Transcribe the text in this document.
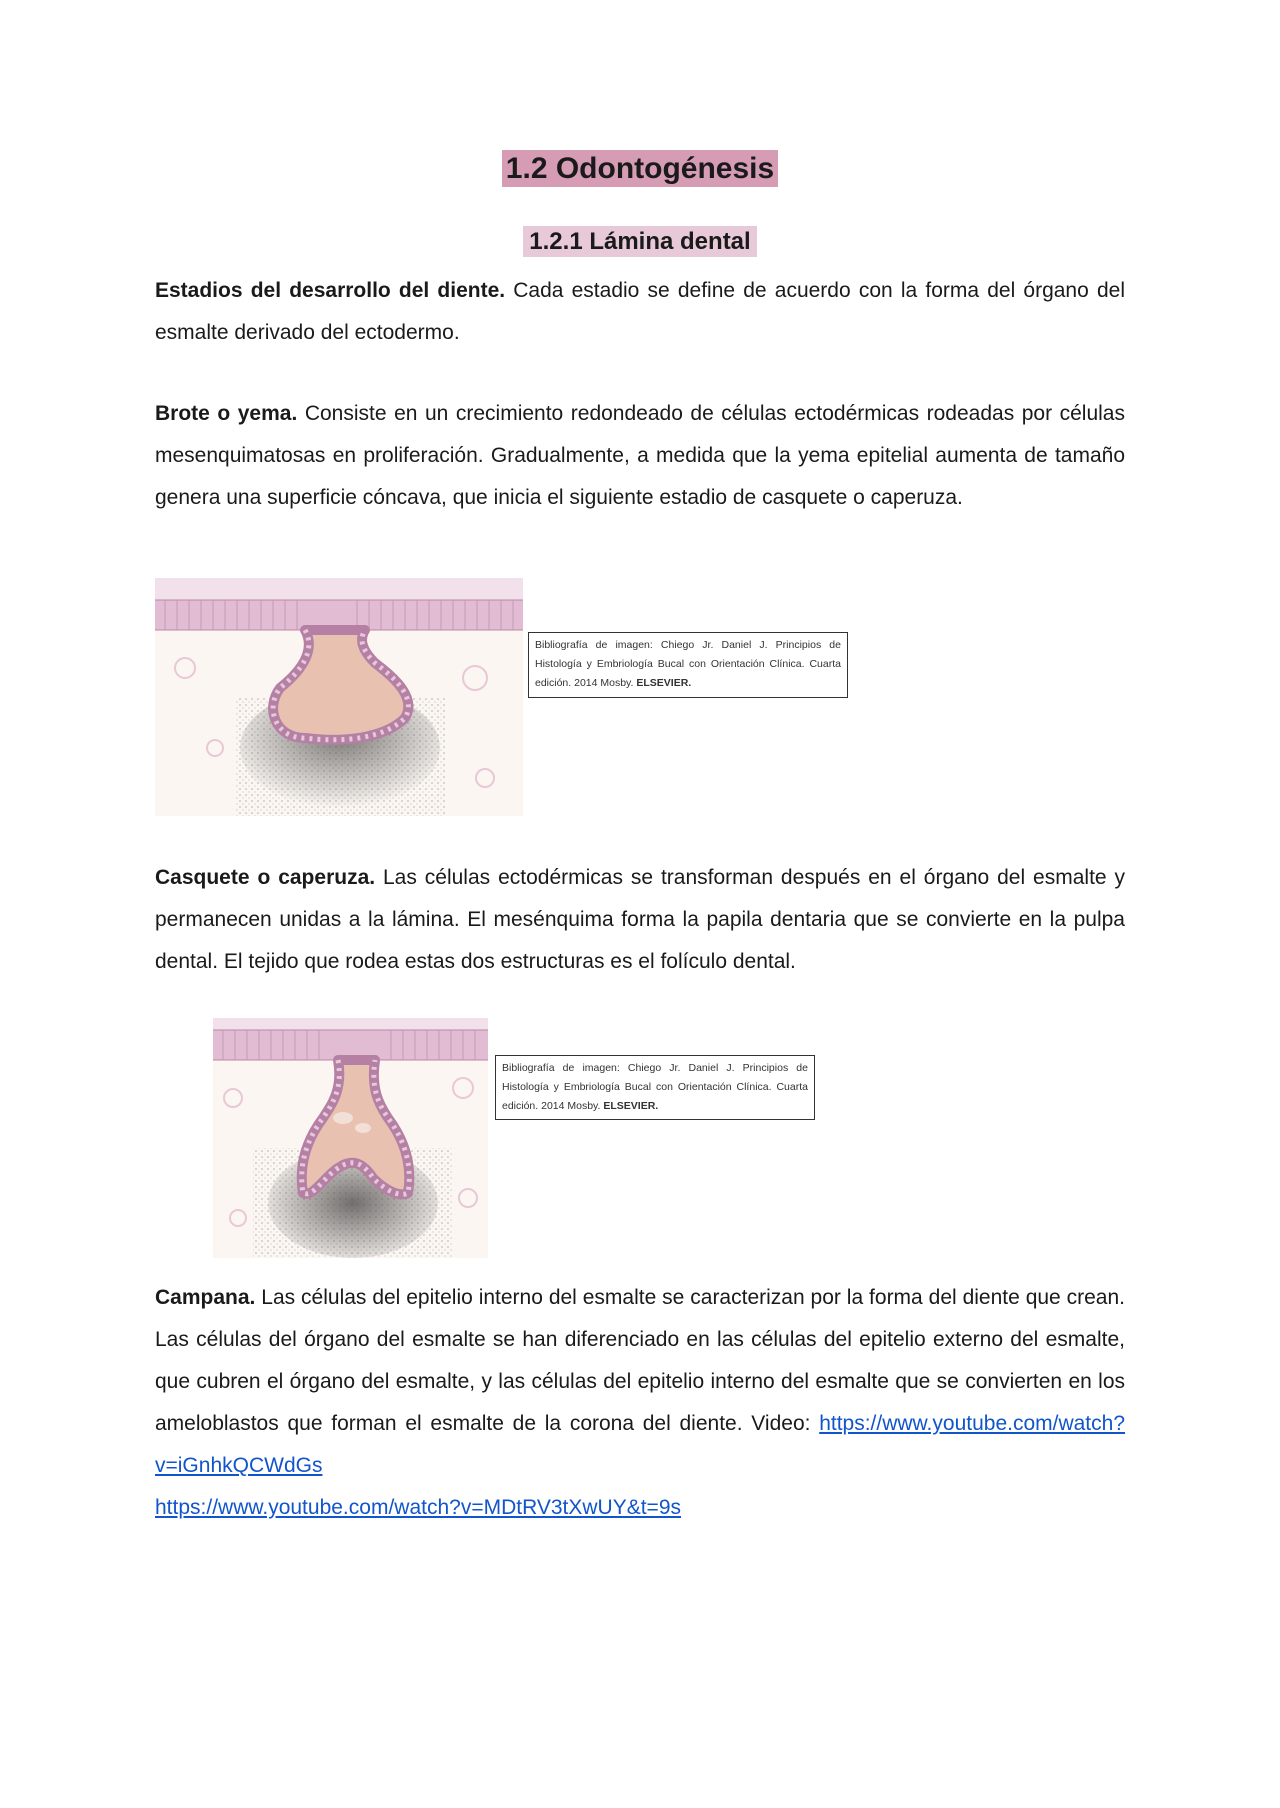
1.2 Odontogénesis
1.2.1 Lámina dental

Estadios del desarrollo del diente. Cada estadio se define de acuerdo con la forma del órgano del esmalte derivado del ectodermo.

Brote o yema. Consiste en un crecimiento redondeado de células ectodérmicas rodeadas por células mesenquimatosas en proliferación. Gradualmente, a medida que la yema epitelial aumenta de tamaño genera una superficie cóncava, que inicia el siguiente estadio de casquete o caperuza.

Bibliografía de imagen: Chiego Jr. Daniel J. Principios de Histología y Embriología Bucal con Orientación Clínica. Cuarta edición. 2014 Mosby. ELSEVIER.

Casquete o caperuza. Las células ectodérmicas se transforman después en el órgano del esmalte y permanecen unidas a la lámina. El mesénquima forma la papila dentaria que se convierte en la pulpa dental. El tejido que rodea estas dos estructuras es el folículo dental.

Bibliografía de imagen: Chiego Jr. Daniel J. Principios de Histología y Embriología Bucal con Orientación Clínica. Cuarta edición. 2014 Mosby. ELSEVIER.

Campana. Las células del epitelio interno del esmalte se caracterizan por la forma del diente que crean. Las células del órgano del esmalte se han diferenciado en las células del epitelio externo del esmalte, que cubren el órgano del esmalte, y las células del epitelio interno del esmalte que se convierten en los ameloblastos que forman el esmalte de la corona del diente. Video: https://www.youtube.com/watch?v=iGnhkQCWdGs
https://www.youtube.com/watch?v=MDtRV3tXwUY&t=9s
